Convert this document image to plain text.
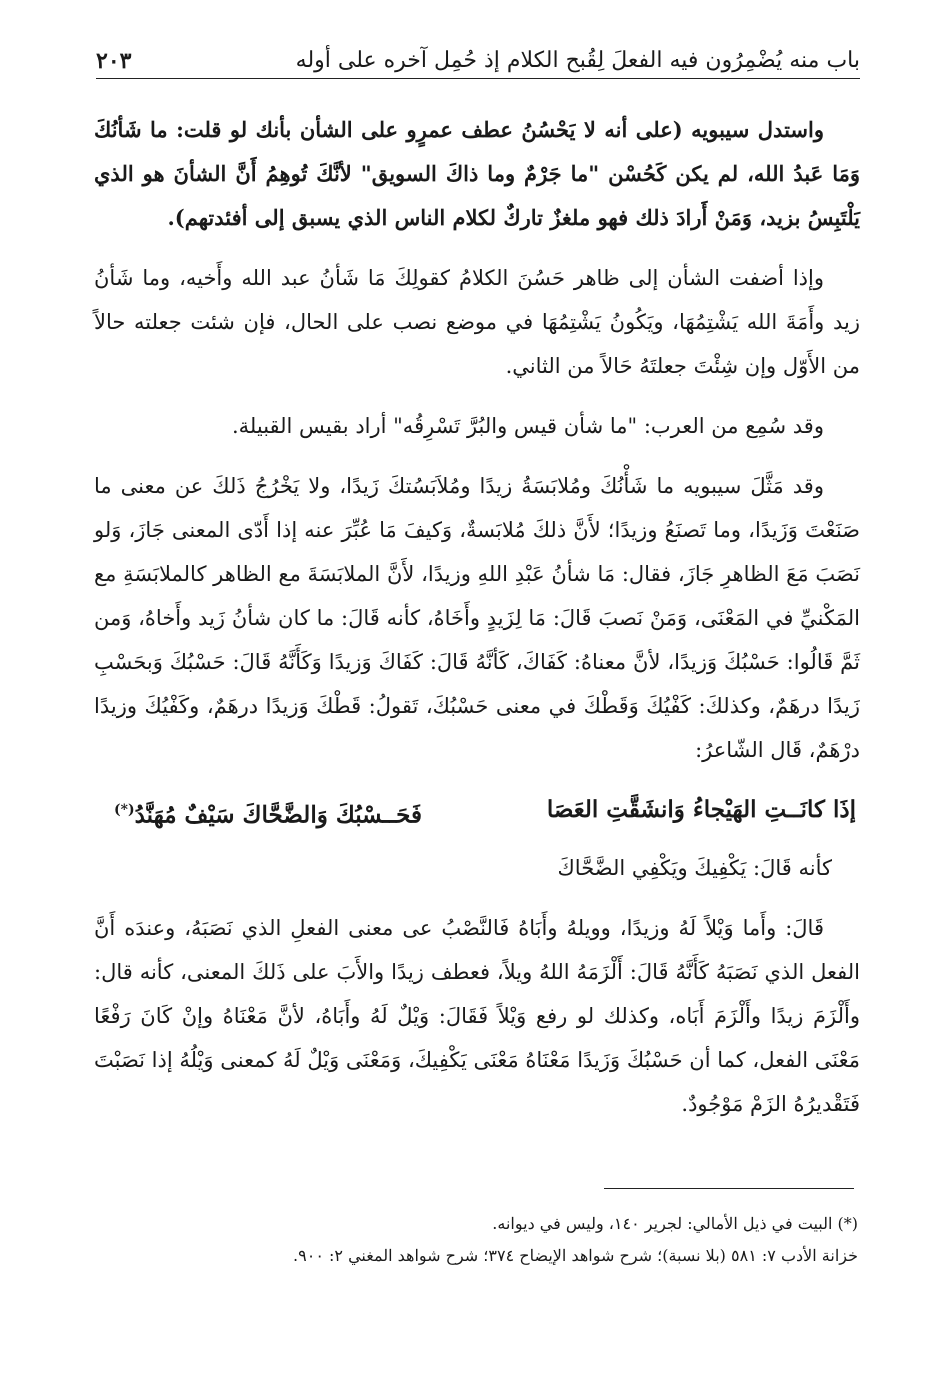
باب منه يُضْمِرُون فيه الفعلَ لِقُبح الكلام إذ حُمِل آخره على أوله
٢٠٣

واستدل سيبويه (على أنه لا يَحْسُنُ عطف عمرٍو على الشأن بأنك لو قلت: ما شَأنُكَ وَمَا عَبدُ الله، لم يكن كَحُسْن "ما جَرْمٌ وما ذاكَ السويق" لأنَّكَ تُوهِمُ أَنَّ الشأنَ هو الذي يَلْتَبِسُ بزيد، وَمَنْ أَرادَ ذلك فهو ملغزٌ تاركٌ لكلام الناس الذي يسبق إلى أفئدتهم).

وإذا أضفت الشأن إلى ظاهر حَسُنَ الكلامُ كقولِكَ مَا شَأنُ عبد الله وأَخيه، وما شَأنُ زيد وأَمَةَ الله يَشْتِمُهَا، ويَكُونُ يَشْتِمُهَا في موضع نصب على الحال، فإن شئت جعلته حالاً من الأَوّل وإن شِئْتَ جعلتَهُ حَالاً من الثاني.

وقد سُمِع من العرب: "ما شأن قيس والبُرَّ تَسْرِقُه" أراد بقيس القبيلة.

وقد مَثَّلَ سيبويه ما شَأْنُكَ ومُلابَسَةُ زيدًا ومُلاَبَسُتكَ زَيدًا، ولا يَخْرُجُ ذَلكَ عن معنى ما صَنَعْتَ وَزَيدًا، وما تَصنَعُ وزيدًا؛ لأَنَّ ذلكَ مُلابَسةٌ، وَكيفَ مَا عُبِّرَ عنه إذا أَدّى المعنى جَازَ، وَلو نَصَبَ مَعَ الظاهرِ جَازَ، فقال: مَا شأنُ عَبْدِ اللهِ وزيدًا، لأَنَّ الملابَسَةَ مع الظاهر كالملابَسَةِ مع المَكْنيِّ في المَعْنَى، وَمَنْ نَصبَ قَالَ: مَا لِزَيدٍ وأَخَاهُ، كأنه قَالَ: ما كان شأنُ زَيد وأَخاهُ، وَمن ثَمَّ قَالُوا: حَسْبُكَ وَزيدًا، لأنَّ معناهُ: كَفَاكَ، كَأنَّهُ قَالَ: كَفَاكَ وَزيدًا وَكَأَنَّهُ قَالَ: حَسْبُكَ وَبحَسْبِ زَيدًا درهَمٌ، وكذلكَ: كَفْيُكَ وَقَطْكَ في معنى حَسْبُكَ، تَقولُ: قَطْكَ وَزيدًا درهَمٌ، وكَفْيُكَ وزيدًا درْهَمٌ، قَال الشّاعرُ:

إذَا كانَــتِ الهَيْجاءُ وَانشَقَّتِ العَصَا
فَحَــسْبُكَ وَالضَّحَّاكَ سَيْفٌ مُهَنَّدُ(*)
كأنه قَالَ: يَكْفِيكَ ويَكْفِي الضَّحَّاكَ

قَالَ: وأَما وَيْلاً لَهُ وزيدًا، وويلهُ وأَبَاهُ فَالنَّصْبُ عى معنى الفعلِ الذي نَصَبَهُ، وعندَه أَنَّ الفعل الذي نَصَبَهُ كَأَنَّهُ قَالَ: أَلْزَمَهُ اللهُ ويلاً، فعطف زيدًا والأَبَ على ذَلكَ المعنى، كأنه قال: وأَلْزَمَ زيدًا وأَلْزَمَ أَبَاه، وكذلك لو رفع وَيْلاً فَقَالَ: وَيْلٌ لَهُ وأَبَاهُ، لأنَّ مَعْنَاهُ وإنْ كَانَ رَفْعًا مَعْنَى الفعل، كما أن حَسْبُكَ وَزَيدًا مَعْنَاهُ مَعْنَى يَكْفِيكَ، وَمَعْنَى وَيْلٌ لَهُ كمعنى وَيْلُهُ إذا نَصَبْتَ فَتَقْديرُهُ الزَمْ مَوْجُودٌ.

(*) البيت في ذيل الأمالي: لجرير ١٤٠، وليس في ديوانه.

خزانة الأدب ٧: ٥٨١ (بلا نسبة)؛ شرح شواهد الإيضاح ٣٧٤؛ شرح شواهد المغني ٢: ٩٠٠.
